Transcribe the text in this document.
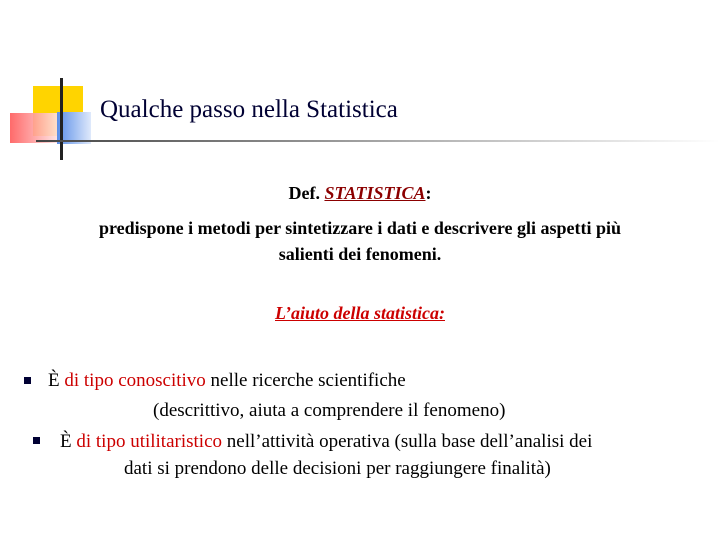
Qualche passo nella Statistica
Def. STATISTICA:
predispone i metodi per sintetizzare i dati e descrivere gli aspetti più
salienti dei fenomeni.
L’aiuto della statistica:
È di tipo conoscitivo nelle ricerche scientifiche
(descrittivo, aiuta a comprendere il fenomeno)
È di tipo utilitaristico nell’attività operativa (sulla base dell’analisi dei
dati si prendono delle decisioni per raggiungere finalità)
